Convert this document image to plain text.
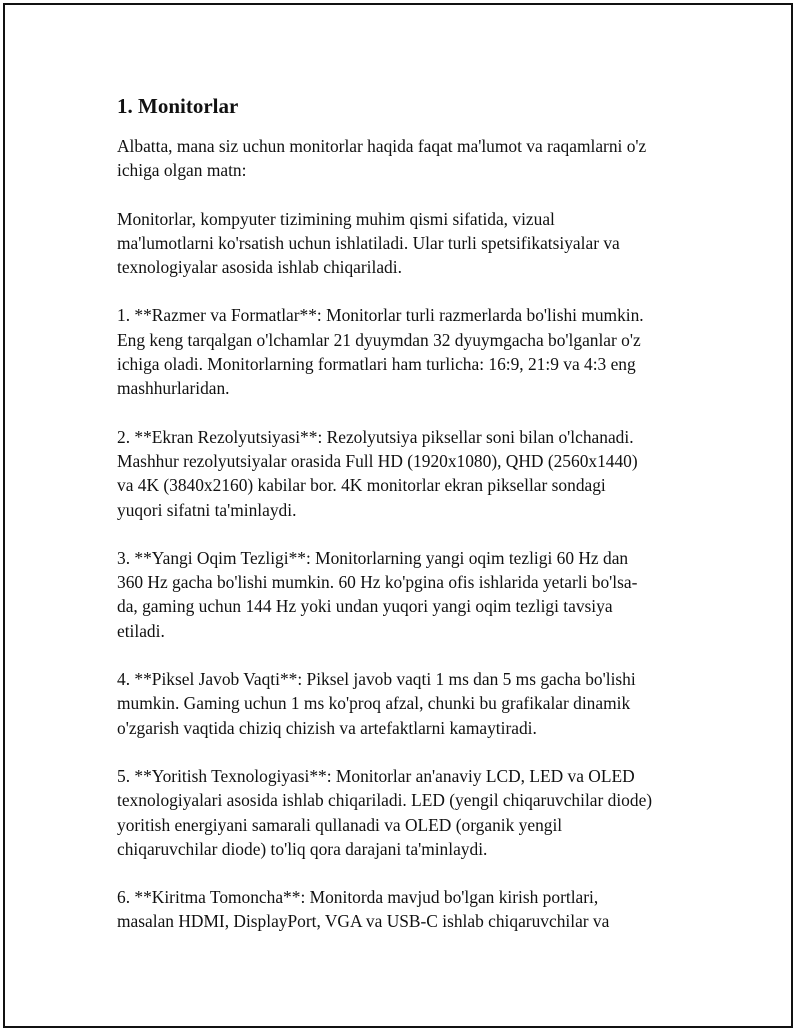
1. Monitorlar

Albatta, mana siz uchun monitorlar haqida faqat ma'lumot va raqamlarni o'z
ichiga olgan matn:

Monitorlar, kompyuter tizimining muhim qismi sifatida, vizual
ma'lumotlarni ko'rsatish uchun ishlatiladi. Ular turli spetsifikatsiyalar va
texnologiyalar asosida ishlab chiqariladi.

1. **Razmer va Formatlar**: Monitorlar turli razmerlarda bo'lishi mumkin.
Eng keng tarqalgan o'lchamlar 21 dyuymdan 32 dyuymgacha bo'lganlar o'z
ichiga oladi. Monitorlarning formatlari ham turlicha: 16:9, 21:9 va 4:3 eng
mashhurlaridan.

2. **Ekran Rezolyutsiyasi**: Rezolyutsiya piksellar soni bilan o'lchanadi.
Mashhur rezolyutsiyalar orasida Full HD (1920x1080), QHD (2560x1440)
va 4K (3840x2160) kabilar bor. 4K monitorlar ekran piksellar sondagi
yuqori sifatni ta'minlaydi.

3. **Yangi Oqim Tezligi**: Monitorlarning yangi oqim tezligi 60 Hz dan
360 Hz gacha bo'lishi mumkin. 60 Hz ko'pgina ofis ishlarida yetarli bo'lsa-
da, gaming uchun 144 Hz yoki undan yuqori yangi oqim tezligi tavsiya
etiladi.

4. **Piksel Javob Vaqti**: Piksel javob vaqti 1 ms dan 5 ms gacha bo'lishi
mumkin. Gaming uchun 1 ms ko'proq afzal, chunki bu grafikalar dinamik
o'zgarish vaqtida chiziq chizish va artefaktlarni kamaytiradi.

5. **Yoritish Texnologiyasi**: Monitorlar an'anaviy LCD, LED va OLED
texnologiyalari asosida ishlab chiqariladi. LED (yengil chiqaruvchilar diode)
yoritish energiyani samarali qullanadi va OLED (organik yengil
chiqaruvchilar diode) to'liq qora darajani ta'minlaydi.

6. **Kiritma Tomoncha**: Monitorda mavjud bo'lgan kirish portlari,
masalan HDMI, DisplayPort, VGA va USB-C ishlab chiqaruvchilar va
